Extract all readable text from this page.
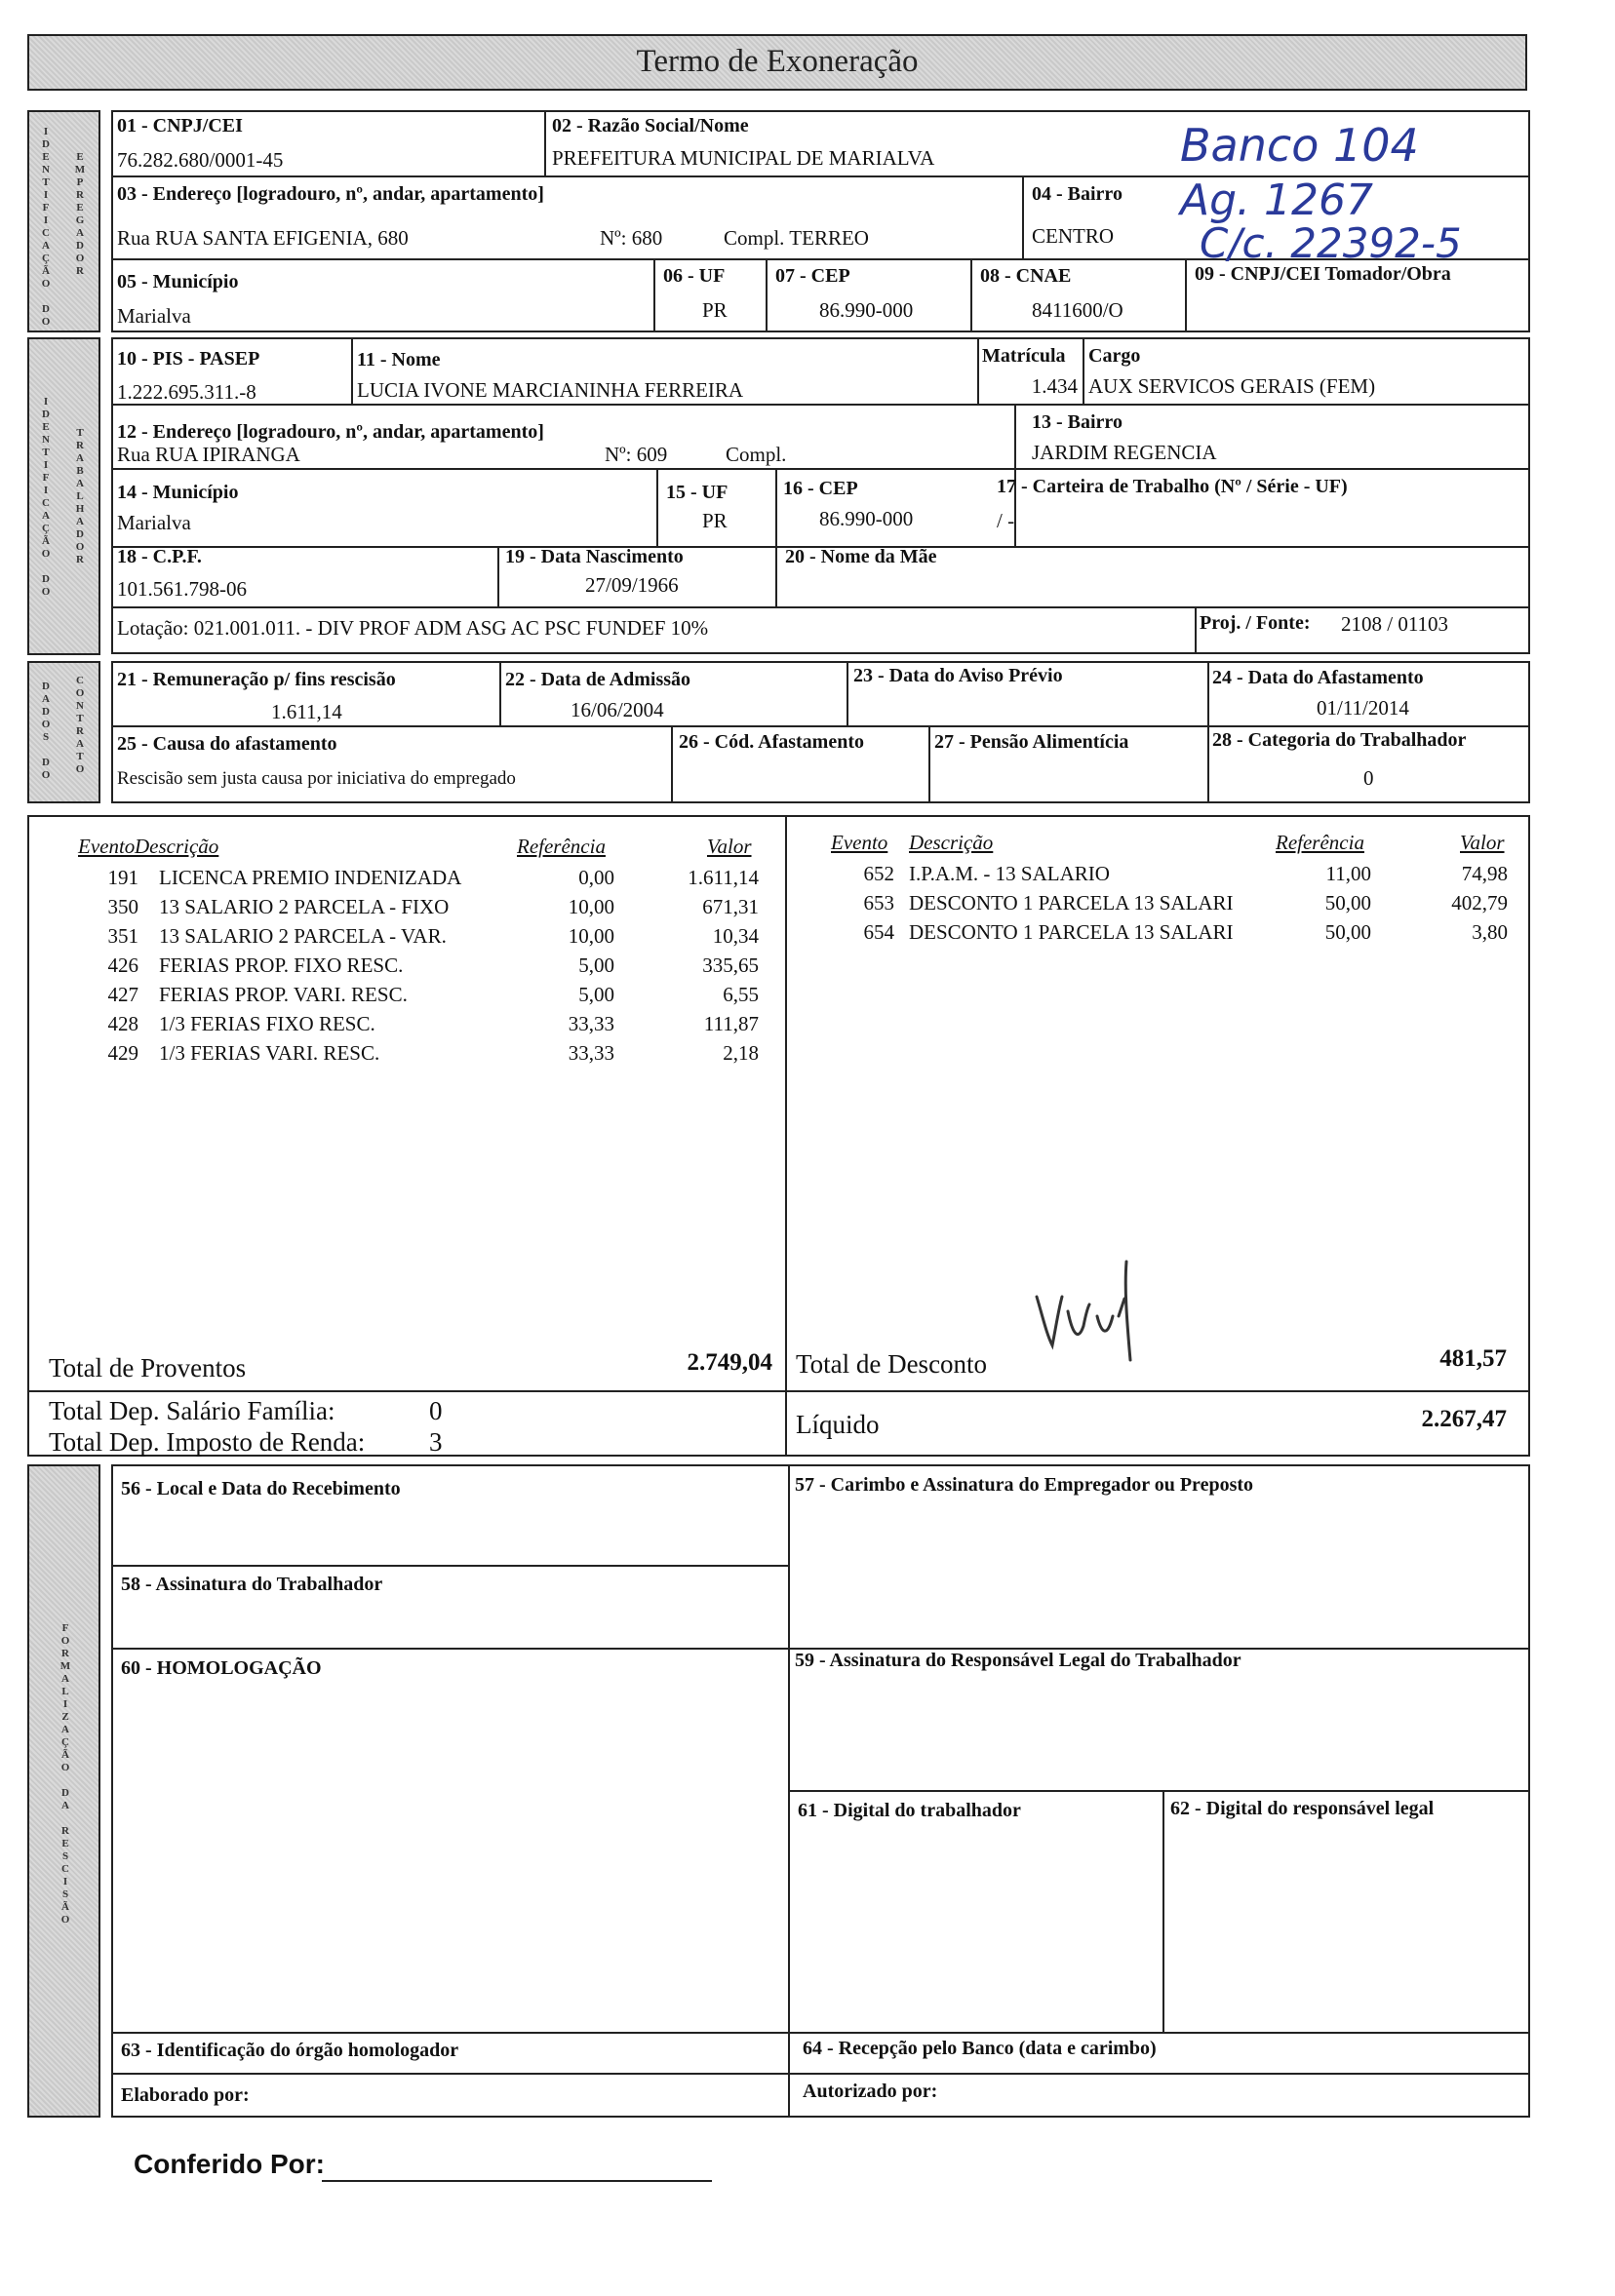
Termo de Exoneração
I
D
E
N
T
I
F
I
C
A
Ç
Ã
O

D
O
E
M
P
R
E
G
A
D
O
R
01 - CNPJ/CEI
76.282.680/0001-45
02 - Razão Social/Nome
PREFEITURA MUNICIPAL DE MARIALVA
03 - Endereço [logradouro, nº, andar, apartamento]
Rua RUA SANTA EFIGENIA, 680	Nº: 680	Compl. TERREO
04 - Bairro
CENTRO
05 - Município
Marialva
06 - UF
PR
07 - CEP
86.990-000
08 - CNAE
8411600/O
09 - CNPJ/CEI Tomador/Obra
Banco 104
Ag. 1267
C/c. 22392-5
I
D
E
N
T
I
F
I
C
A
Ç
Ã
O

D
O
T
R
A
B
A
L
H
A
D
O
R
10 - PIS - PASEP
1.222.695.311.-8
11 - Nome
LUCIA IVONE MARCIANINHA FERREIRA
Matrícula
1.434
Cargo
AUX SERVICOS GERAIS (FEM)
12 - Endereço [logradouro, nº, andar, apartamento]
Rua RUA IPIRANGA	Nº: 609	Compl.
13 - Bairro
JARDIM REGENCIA
14 - Município
Marialva
15 - UF
PR
16 - CEP
86.990-000
17 - Carteira de Trabalho (Nº / Série - UF)
/ -
18 - C.P.F.
101.561.798-06
19 - Data Nascimento
27/09/1966
20 - Nome da Mãe
Lotação: 021.001.011. - DIV PROF ADM ASG AC PSC FUNDEF 10%	Proj. / Fonte: 2108 / 01103
D
A
D
O
S

D
O
C
O
N
T
R
A
T
O
21 - Remuneração p/ fins rescisão
1.611,14
22 - Data de Admissão
16/06/2004
23 - Data do Aviso Prévio	24 - Data do Afastamento
01/11/2014
25 - Causa do afastamento
Rescisão sem justa causa por iniciativa do empregado
26 - Cód. Afastamento	27 - Pensão Alimentícia	28 - Categoria do Trabalhador
0
Evento Descrição	Referência	Valor
191 LICENCA PREMIO INDENIZADA	0,00	1.611,14
350 13 SALARIO 2 PARCELA - FIXO	10,00	671,31
351 13 SALARIO 2 PARCELA - VAR.	10,00	10,34
426 FERIAS PROP. FIXO RESC.	5,00	335,65
427 FERIAS PROP. VARI. RESC.	5,00	6,55
428 1/3 FERIAS FIXO RESC.	33,33	111,87
429 1/3 FERIAS VARI. RESC.	33,33	2,18
Evento Descrição	Referência	Valor
652 I.P.A.M. - 13 SALARIO	11,00	74,98
653 DESCONTO 1 PARCELA 13 SALARI	50,00	402,79
654 DESCONTO 1 PARCELA 13 SALARI	50,00	3,80
Total de Proventos	2.749,04 Total de Desconto	481,57
Total Dep. Salário Família:	0
Total Dep. Imposto de Renda: 3
Líquido	2.267,47
F
O
R
M
A
L
I
Z
A
Ç
Ã
O

D
A

R
E
S
C
I
S
Ã
O
56 - Local e Data do Recebimento	57 - Carimbo e Assinatura do Empregador ou Preposto
58 - Assinatura do Trabalhador
59 - Assinatura do Responsável Legal do Trabalhador
60 - HOMOLOGAÇÃO
61 - Digital do trabalhador	62 - Digital do responsável legal
63 - Identificação do órgão homologador	64 - Recepção pelo Banco (data e carimbo)
Elaborado por:	Autorizado por:
Conferido Por:
